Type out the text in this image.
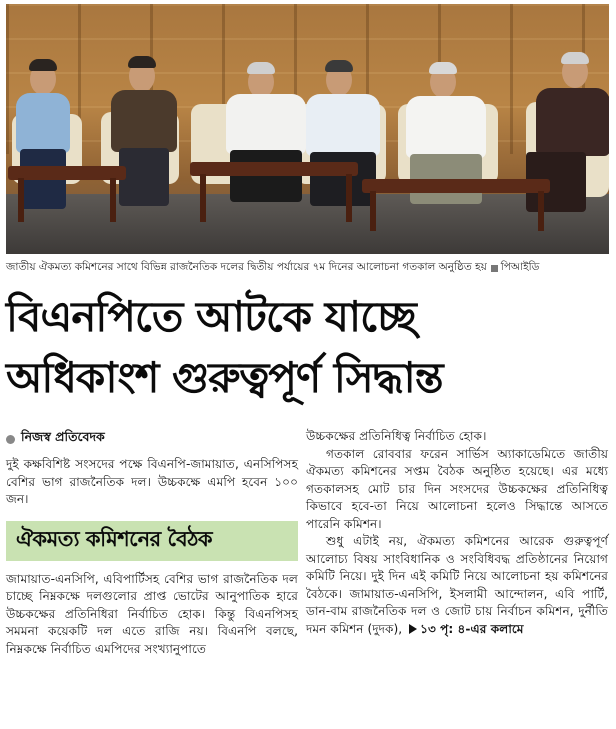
জাতীয় ঐকমত্য কমিশনের সাথে বিভিন্ন রাজনৈতিক দলের দ্বিতীয় পর্যায়ের ৭ম দিনের আলোচনা গতকাল অনুষ্ঠিত হয় পিআইডি
বিএনপিতে আটকে যাচ্ছে
অধিকাংশ গুরুত্বপূর্ণ সিদ্ধান্ত
নিজস্ব প্রতিবেদক

দুই কক্ষবিশিষ্ট সংসদের পক্ষে বিএনপি-জামায়াত, এনসিপিসহ বেশির ভাগ রাজনৈতিক দল। উচ্চকক্ষে এমপি হবেন ১০০ জন।

ঐকমত্য কমিশনের বৈঠক

জামায়াত-এনসিপি, এবিপার্টিসহ বেশির ভাগ রাজনৈতিক দল চাচ্ছে নিম্নকক্ষে দলগুলোর প্রাপ্ত ভোটের আনুপাতিক হারে উচ্চকক্ষের প্রতিনিধিরা নির্বাচিত হোক। কিন্তু বিএনপিসহ সমমনা কয়েকটি দল এতে রাজি নয়। বিএনপি বলছে, নিম্নকক্ষে নির্বাচিত এমপিদের সংখ্যানুপাতে

উচ্চকক্ষের প্রতিনিধিত্ব নির্বাচিত হোক।

গতকাল রোববার ফরেন সার্ভিস অ্যাকাডেমিতে জাতীয় ঐকমত্য কমিশনের সপ্তম বৈঠক অনুষ্ঠিত হয়েছে। এর মধ্যে গতকালসহ মোট চার দিন সংসদের উচ্চকক্ষের প্রতিনিধিত্ব কিভাবে হবে-তা নিয়ে আলোচনা হলেও সিদ্ধান্তে আসতে পারেনি কমিশন।

শুধু এটাই নয়, ঐকমত্য কমিশনের আরেক গুরুত্বপূর্ণ আলোচ্য বিষয় সাংবিধানিক ও সংবিধিবদ্ধ প্রতিষ্ঠানের নিয়োগ কমিটি নিয়ে। দুই দিন এই কমিটি নিয়ে আলোচনা হয় কমিশনের বৈঠকে। জামায়াত-এনসিপি, ইসলামী আন্দোলন, এবি পার্টি, ডান-বাম রাজনৈতিক দল ও জোট চায় নির্বাচন কমিশন, দুর্নীতি দমন কমিশন (দুদক), ১৩ পৃ: ৪-এর কলামে
